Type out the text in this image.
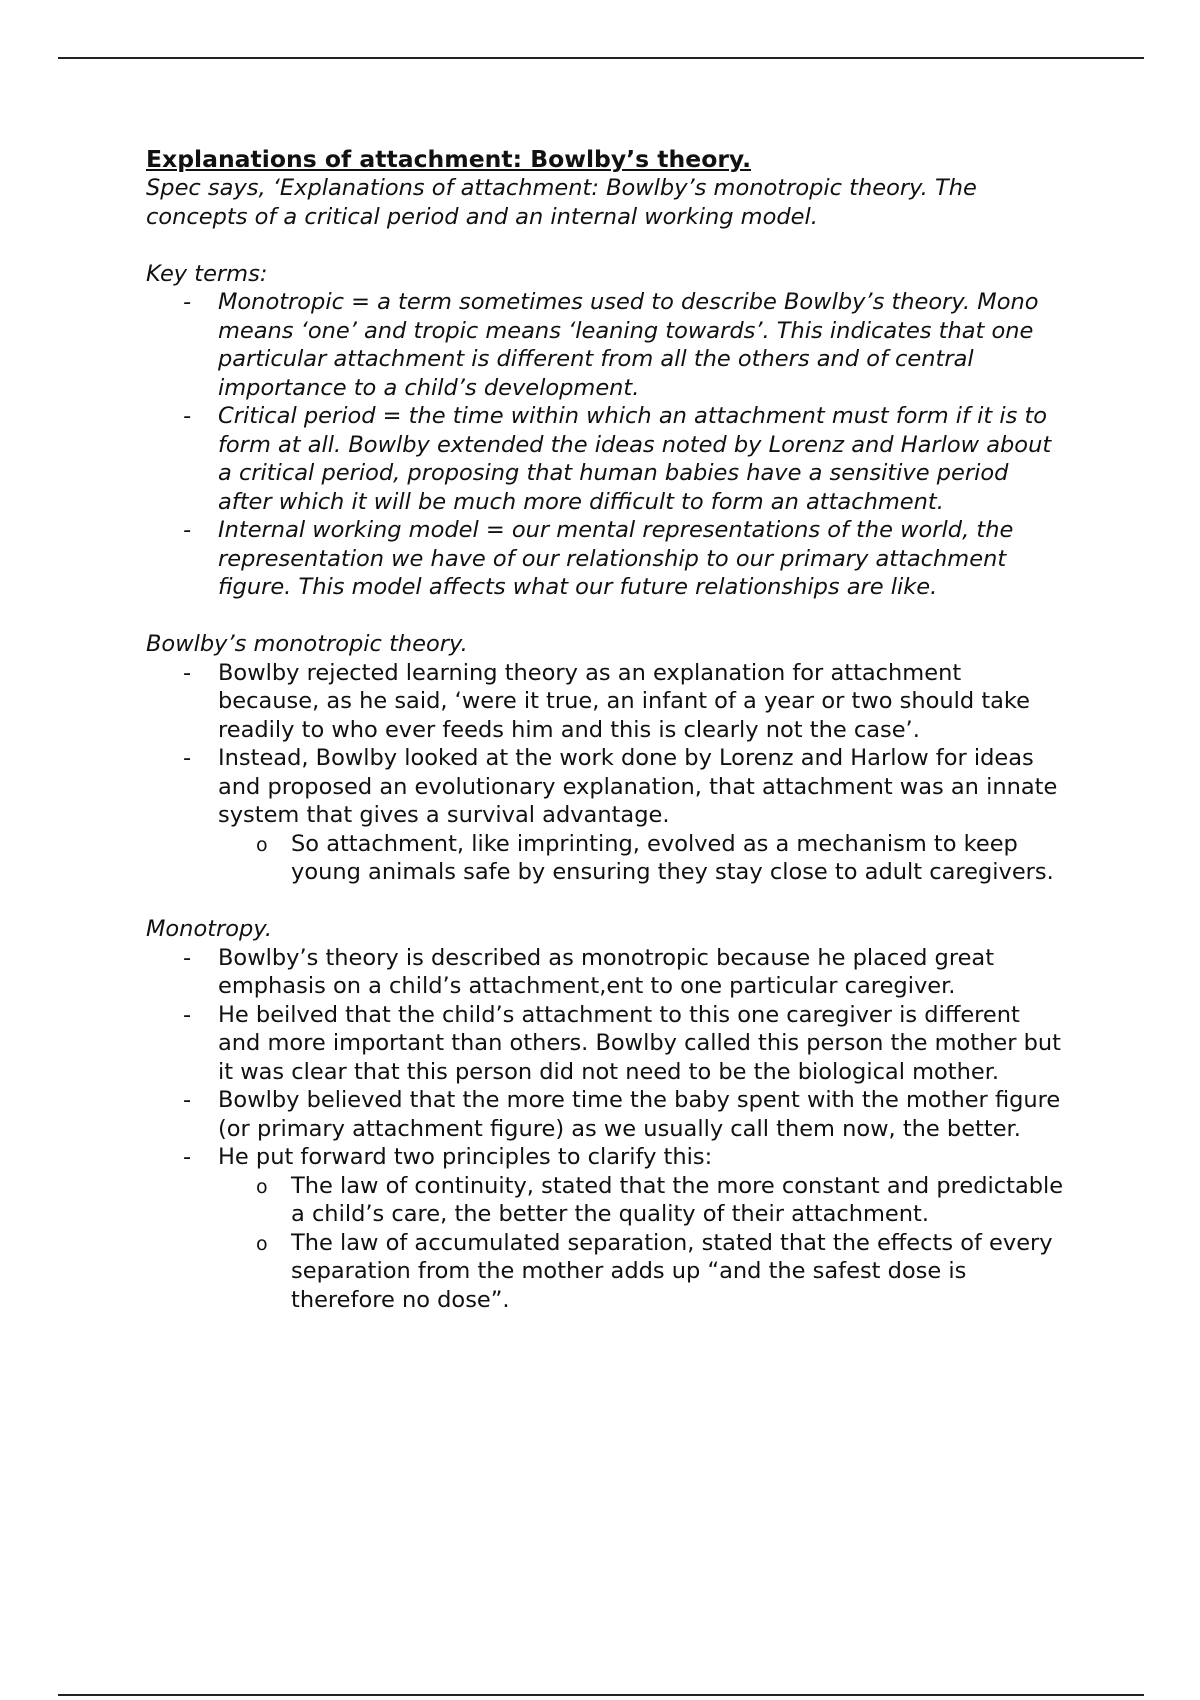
Explanations of attachment: Bowlby’s theory.

Spec says, ‘Explanations of attachment: Bowlby’s monotropic theory. The concepts of a critical period and an internal working model.

Key terms:

- Monotropic = a term sometimes used to describe Bowlby’s theory. Mono means ‘one’ and tropic means ‘leaning towards’. This indicates that one particular attachment is different from all the others and of central importance to a child’s development.
- Critical period = the time within which an attachment must form if it is to form at all. Bowlby extended the ideas noted by Lorenz and Harlow about a critical period, proposing that human babies have a sensitive period after which it will be much more difficult to form an attachment.
- Internal working model = our mental representations of the world, the representation we have of our relationship to our primary attachment figure. This model affects what our future relationships are like.

Bowlby’s monotropic theory.

- Bowlby rejected learning theory as an explanation for attachment because, as he said, ‘were it true, an infant of a year or two should take readily to who ever feeds him and this is clearly not the case’.
- Instead, Bowlby looked at the work done by Lorenz and Harlow for ideas and proposed an evolutionary explanation, that attachment was an innate system that gives a survival advantage.
o So attachment, like imprinting, evolved as a mechanism to keep young animals safe by ensuring they stay close to adult caregivers.

Monotropy.

- Bowlby’s theory is described as monotropic because he placed great emphasis on a child’s attachment,ent to one particular caregiver.
- He beilved that the child’s attachment to this one caregiver is different and more important than others. Bowlby called this person the mother but it was clear that this person did not need to be the biological mother.
- Bowlby believed that the more time the baby spent with the mother figure (or primary attachment figure) as we usually call them now, the better.
- He put forward two principles to clarify this:
o The law of continuity, stated that the more constant and predictable a child’s care, the better the quality of their attachment.
o The law of accumulated separation, stated that the effects of every separation from the mother adds up “and the safest dose is therefore no dose”.
